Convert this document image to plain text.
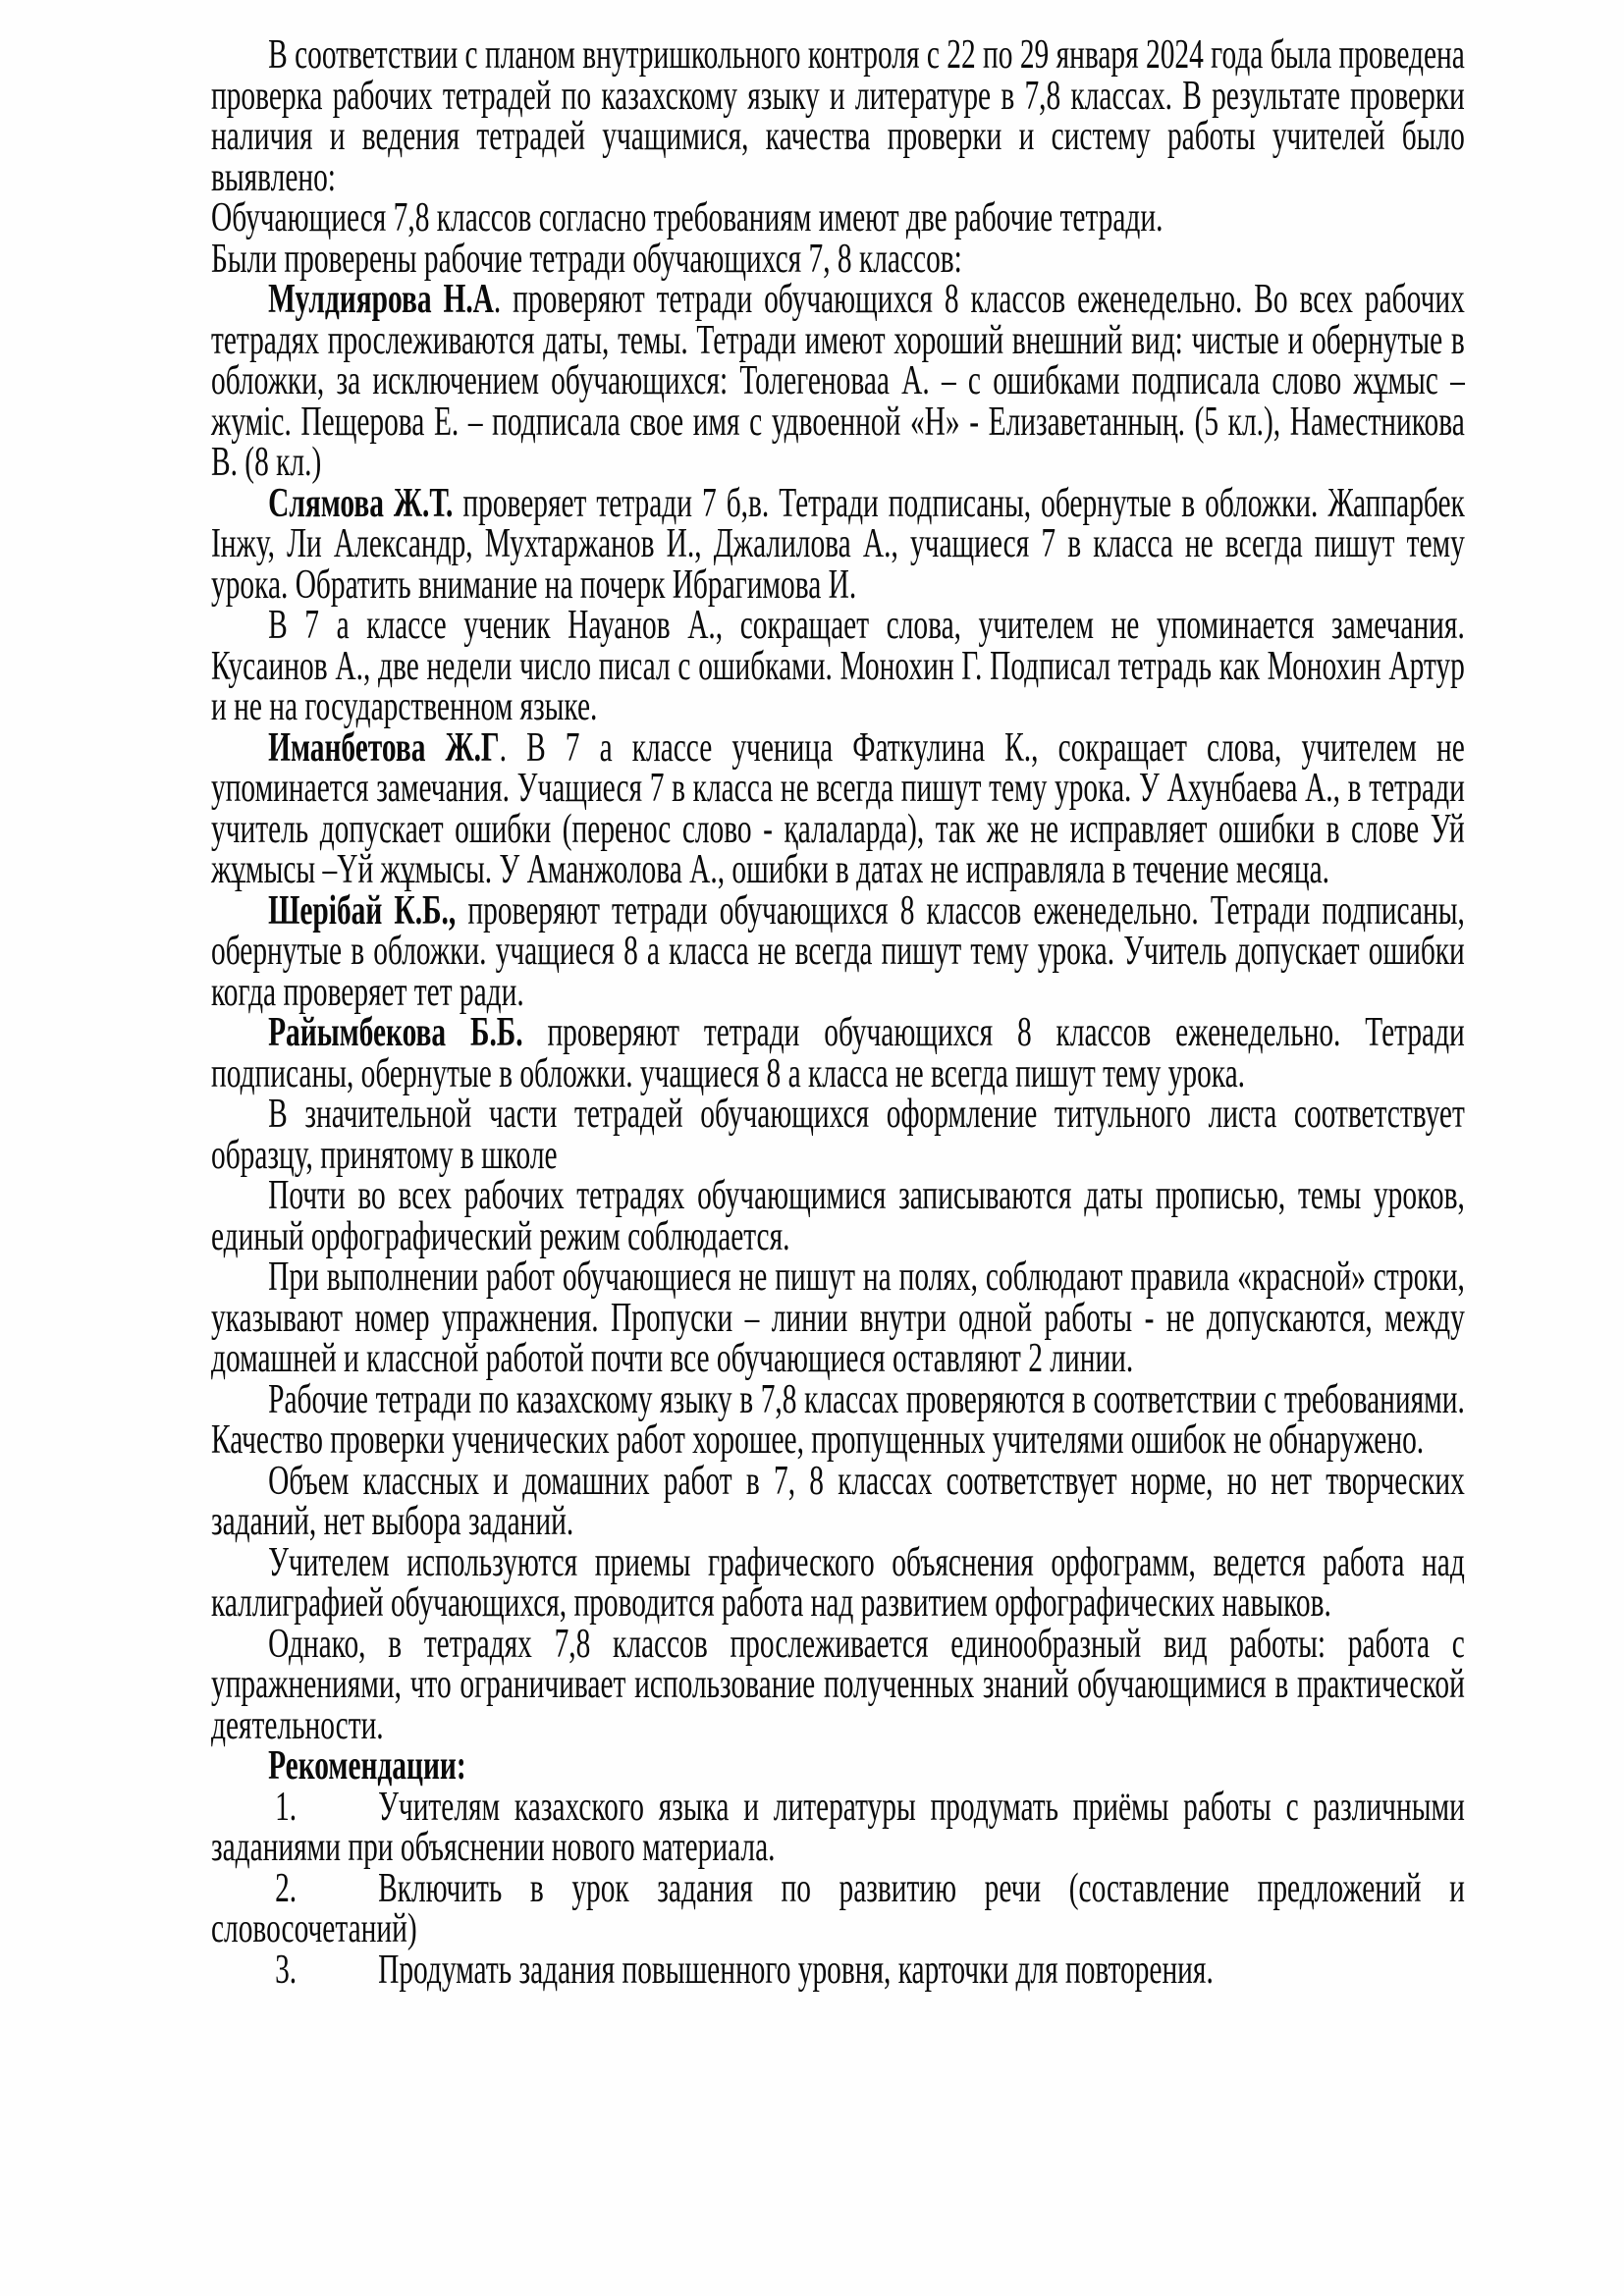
В соответствии с планом внутришкольного контроля с 22 по 29 января 2024 года была проведена проверка рабочих тетрадей по казахскому языку и литературе в 7,8 классах. В результате проверки наличия и ведения тетрадей учащимися, качества проверки и систему работы учителей было выявлено:

Обучающиеся 7,8 классов согласно требованиям имеют две рабочие тетради.

Были проверены рабочие тетради обучающихся 7, 8 классов:

Мулдиярова Н.А. проверяют тетради обучающихся 8 классов еженедельно. Во всех рабочих тетрадях прослеживаются даты, темы. Тетради имеют хороший внешний вид: чистые и обернутые в обложки, за исключением обучающихся: Толегеноваа А. – с ошибками подписала слово жұмыс – жуміс. Пещерова Е. – подписала свое имя с удвоенной «Н» - Елизаветанның. (5 кл.), Наместникова В. (8 кл.)

Слямова Ж.Т. проверяет тетради 7 б,в. Тетради подписаны, обернутые в обложки. Жаппарбек Інжу, Ли Александр, Мухтаржанов И., Джалилова А., учащиеся 7 в класса не всегда пишут тему урока. Обратить внимание на почерк Ибрагимова И.

В 7 а классе ученик Науанов А., сокращает слова, учителем не упоминается замечания. Кусаинов А., две недели число писал с ошибками. Монохин Г. Подписал тетрадь как Монохин Артур и не на государственном языке.

Иманбетова Ж.Г. В 7 а классе ученица Фаткулина К., сокращает слова, учителем не упоминается замечания. Учащиеся 7 в класса не всегда пишут тему урока. У Ахунбаева А., в тетради учитель допускает ошибки (перенос слово - қалаларда), так же не исправляет ошибки в слове Уй жұмысы –Үй жұмысы. У Аманжолова А., ошибки в датах не исправляла в течение месяца.

Шерібай К.Б., проверяют тетради обучающихся 8 классов еженедельно. Тетради подписаны, обернутые в обложки. учащиеся 8 а класса не всегда пишут тему урока. Учитель допускает ошибки когда проверяет тет ради.

Райымбекова Б.Б. проверяют тетради обучающихся 8 классов еженедельно. Тетради подписаны, обернутые в обложки. учащиеся 8 а класса не всегда пишут тему урока.

В значительной части тетрадей обучающихся оформление титульного листа соответствует образцу, принятому в школе

Почти во всех рабочих тетрадях обучающимися записываются даты прописью, темы уроков, единый орфографический режим соблюдается.

При выполнении работ обучающиеся не пишут на полях, соблюдают правила «красной» строки, указывают номер упражнения. Пропуски – линии внутри одной работы - не допускаются, между домашней и классной работой почти все обучающиеся оставляют 2 линии.

Рабочие тетради по казахскому языку в 7,8 классах проверяются в соответствии с требованиями. Качество проверки ученических работ хорошее, пропущенных учителями ошибок не обнаружено.

Объем классных и домашних работ в 7, 8 классах соответствует норме, но нет творческих заданий, нет выбора заданий.

Учителем используются приемы графического объяснения орфограмм, ведется работа над каллиграфией обучающихся, проводится работа над развитием орфографических навыков.

Однако, в тетрадях 7,8 классов прослеживается единообразный вид работы: работа с упражнениями, что ограничивает использование полученных знаний обучающимися в практической деятельности.

Рекомендации:

1. Учителям казахского языка и литературы продумать приёмы работы с различными заданиями при объяснении нового материала.

2. Включить в урок задания по развитию речи (составление предложений и словосочетаний)

3. Продумать задания повышенного уровня, карточки для повторения.
